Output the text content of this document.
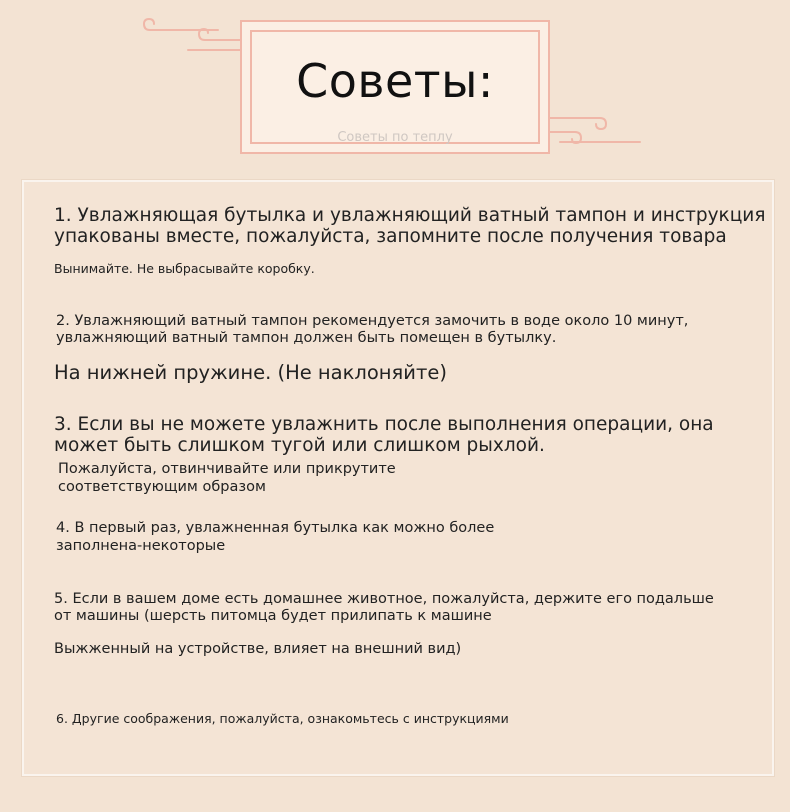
Советы:
Советы по теплу
1. Увлажняющая бутылка и увлажняющий ватный тампон и инструкция
упакованы вместе, пожалуйста, запомните после получения товара
Вынимайте. Не выбрасывайте коробку.
2. Увлажняющий ватный тампон рекомендуется замочить в воде около 10 минут,
увлажняющий ватный тампон должен быть помещен в бутылку.
На нижней пружине. (Не наклоняйте)
3. Если вы не можете увлажнить после выполнения операции, она
может быть слишком тугой или слишком рыхлой.
Пожалуйста, отвинчивайте или прикрутите
соответствующим образом
4. В первый раз, увлажненная бутылка как можно более
заполнена-некоторые
5. Если в вашем доме есть домашнее животное, пожалуйста, держите его подальше
от машины (шерсть питомца будет прилипать к машине
Выжженный на устройстве, влияет на внешний вид)
6. Другие соображения, пожалуйста, ознакомьтесь с инструкциями
